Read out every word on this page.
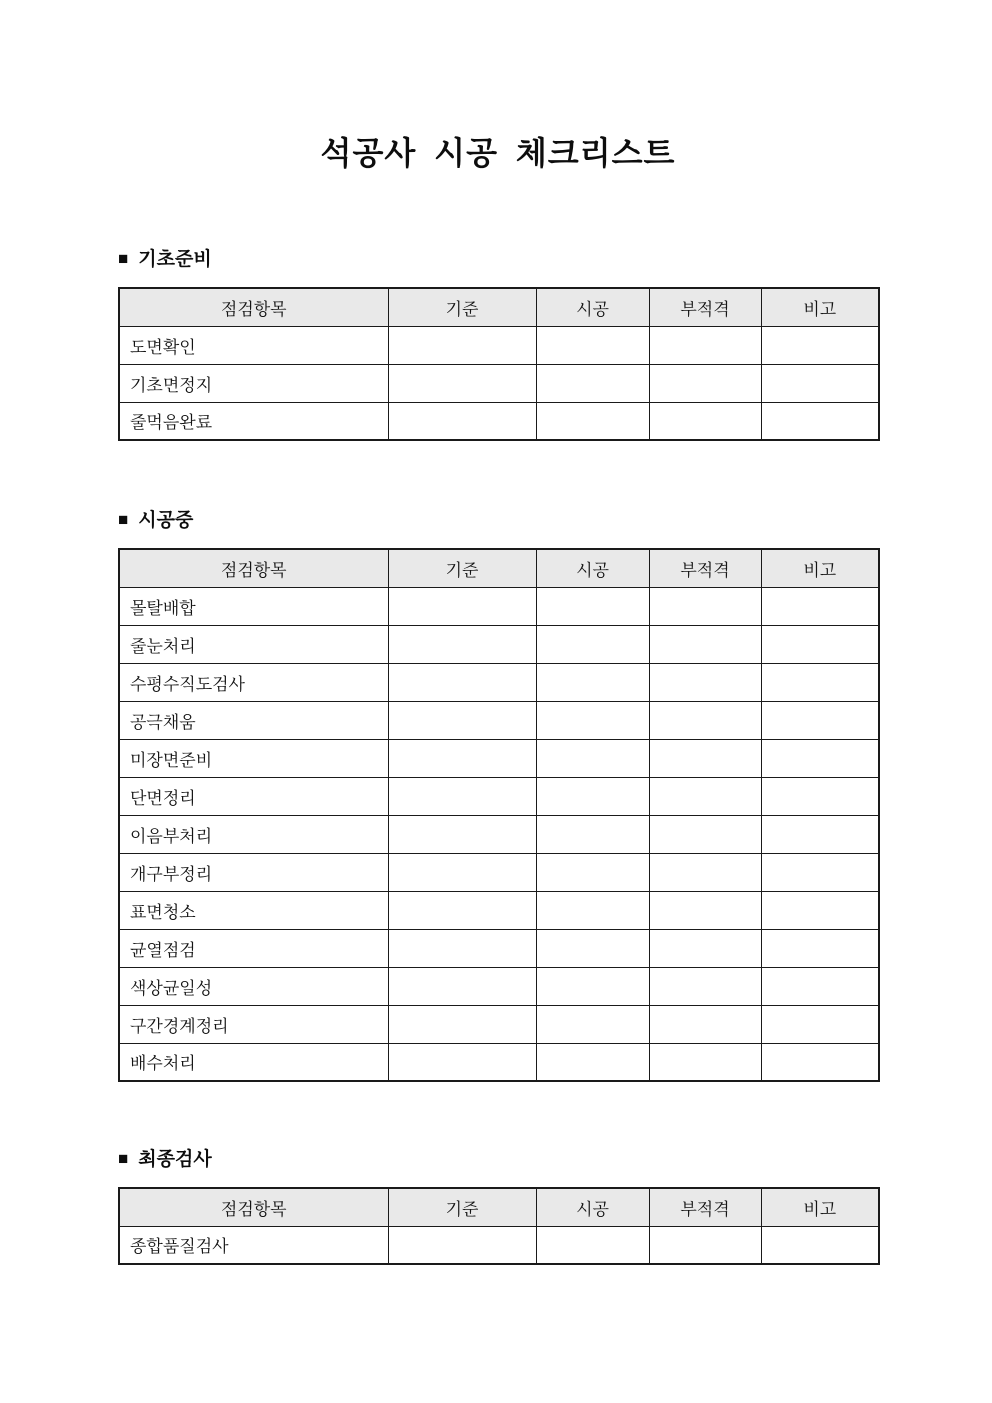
석공사 시공 체크리스트
■ 기초준비
점검항목	기준	시공	부적격	비고
도면확인				
기초면정지				
줄먹음완료				
■ 시공중
점검항목	기준	시공	부적격	비고
몰탈배합				
줄눈처리				
수평수직도검사				
공극채움				
미장면준비				
단면정리				
이음부처리				
개구부정리				
표면청소				
균열점검				
색상균일성				
구간경계정리				
배수처리				
■ 최종검사
점검항목	기준	시공	부적격	비고
종합품질검사				
